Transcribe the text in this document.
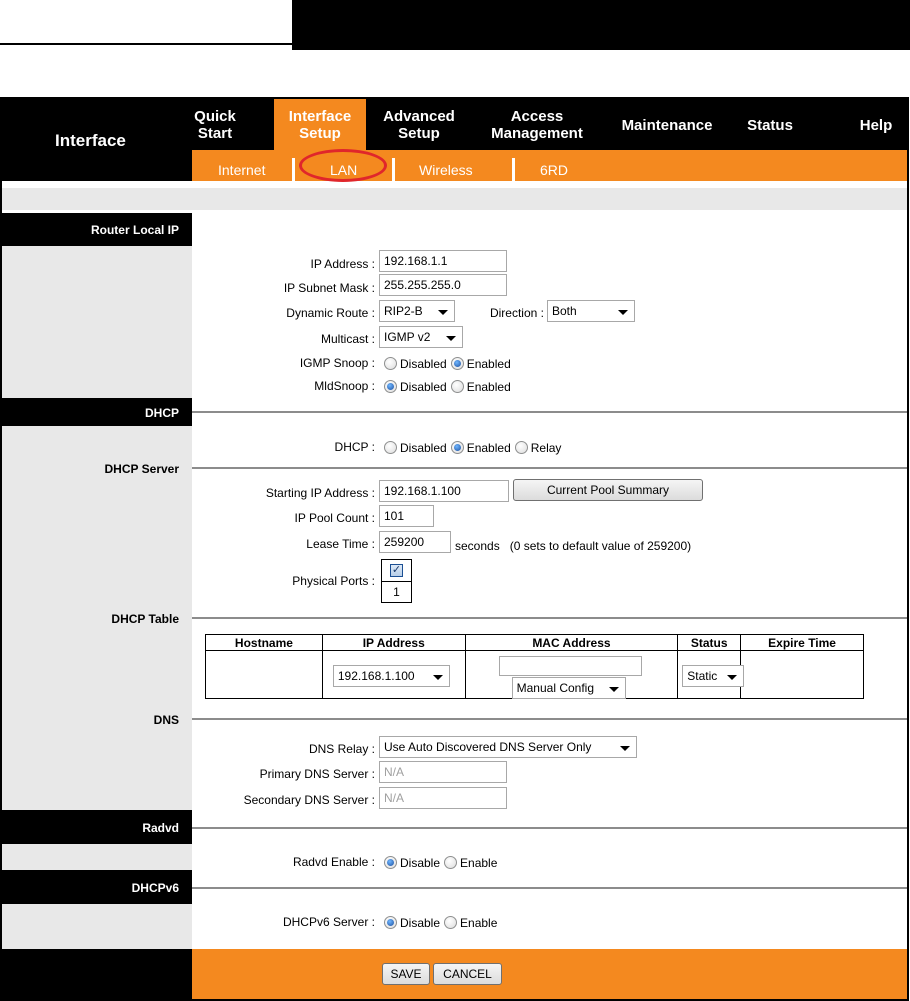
Interface
Quick
Start
Interface
Setup
Advanced
Setup
Access
Management	Maintenance	Status	Help
Internet	LAN	Wireless	6RD
Router Local IP
DHCP
DHCP Server
DHCP Table
DNS
Radvd
DHCPv6
IP Address : 192.168.1.1
IP Subnet Mask : 255.255.255.0
Dynamic Route : RIP2-B	Direction : Both
Multicast : IGMP v2
IGMP Snoop :	Disabled Enabled
MldSnoop :	Disabled Enabled
DHCP :	Disabled Enabled Relay
Starting IP Address : 192.168.1.100	Current Pool Summary
IP Pool Count : 101
Lease Time : 259200	seconds   (0 sets to default value of 259200)
Physical Ports :
✓
1
Hostname	IP Address	MAC Address	Status	Expire Time

	192.168.1.100	Manual Config	Static	

DNS Relay : Use Auto Discovered DNS Server Only
Primary DNS Server : N/A
Secondary DNS Server : N/A
Radvd Enable :	Disable Enable
DHCPv6 Server :	Disable Enable
SAVE	CANCEL
